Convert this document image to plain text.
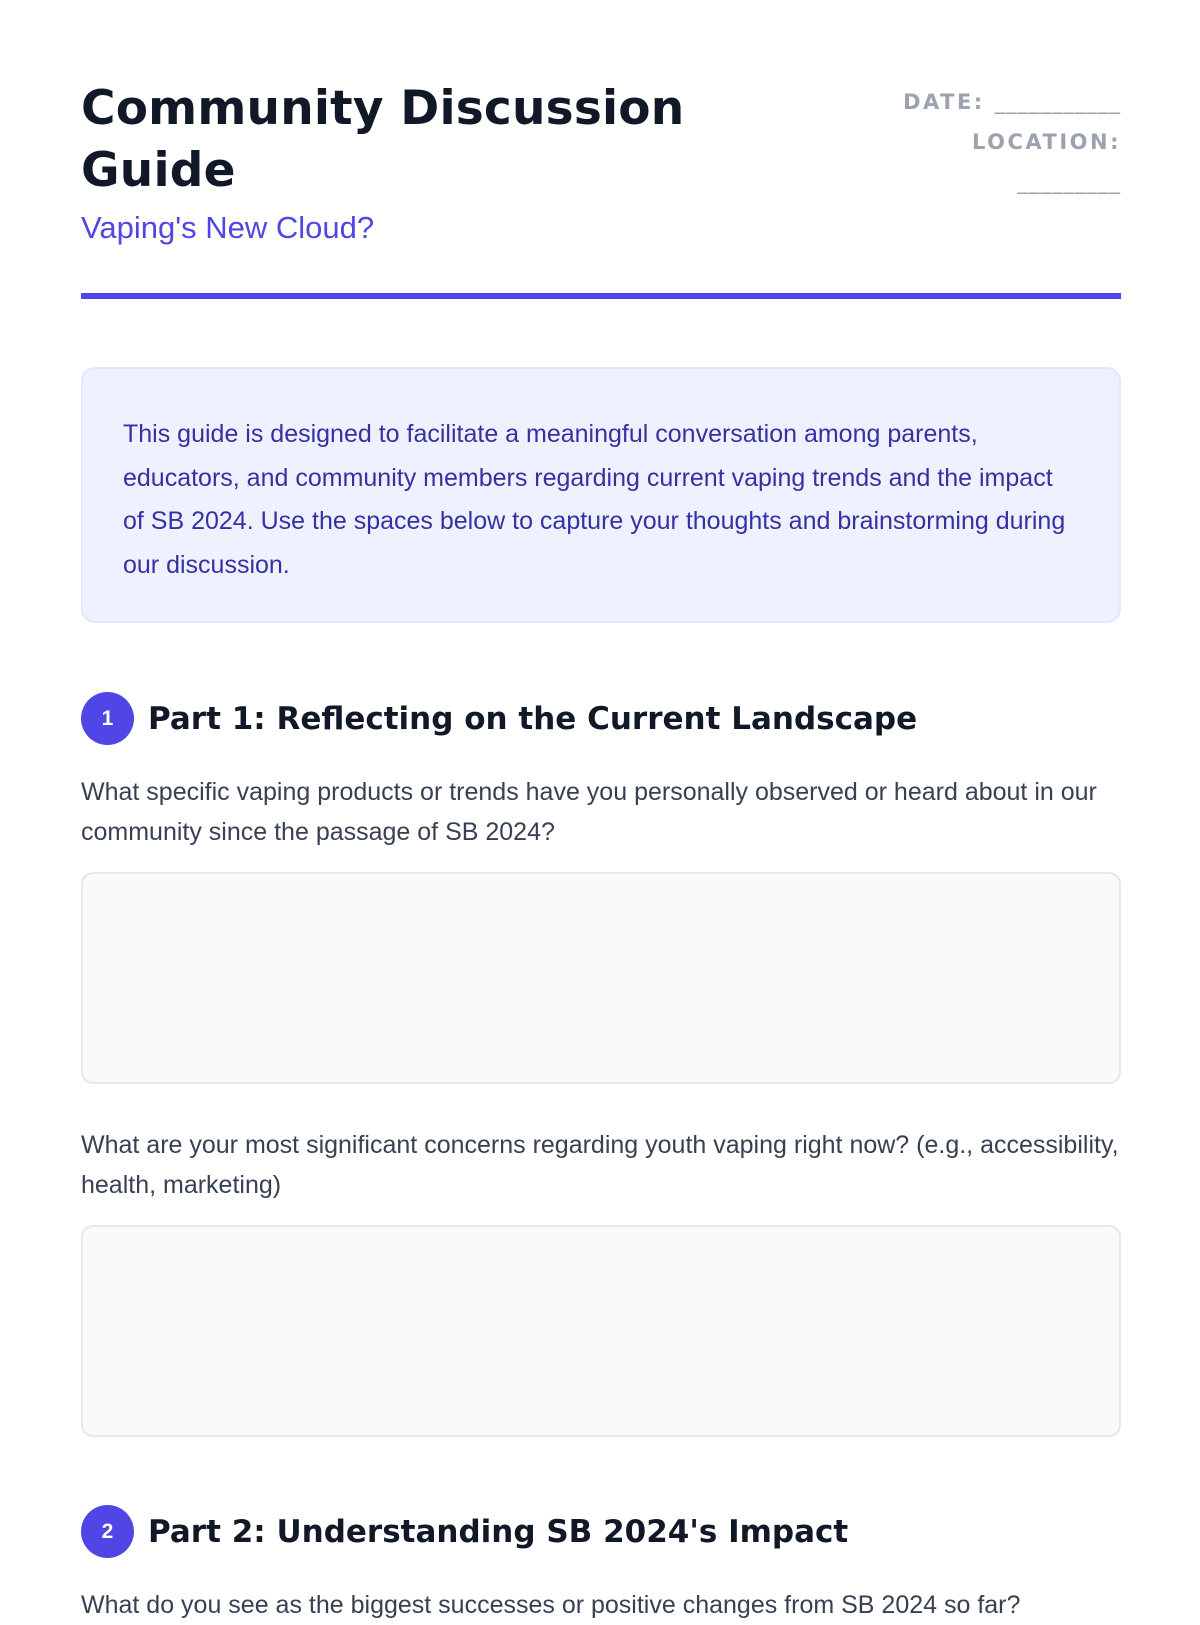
Community Discussion Guide

Vaping's New Cloud?

DATE: ___________
LOCATION:
_________

This guide is designed to facilitate a meaningful conversation among parents, educators, and community members regarding current vaping trends and the impact of SB 2024. Use the spaces below to capture your thoughts and brainstorming during our discussion.

1	Part 1: Reflecting on the Current Landscape

What specific vaping products or trends have you personally observed or heard about in our community since the passage of SB 2024?

What are your most significant concerns regarding youth vaping right now? (e.g., accessibility, health, marketing)

2	Part 2: Understanding SB 2024's Impact

What do you see as the biggest successes or positive changes from SB 2024 so far?
